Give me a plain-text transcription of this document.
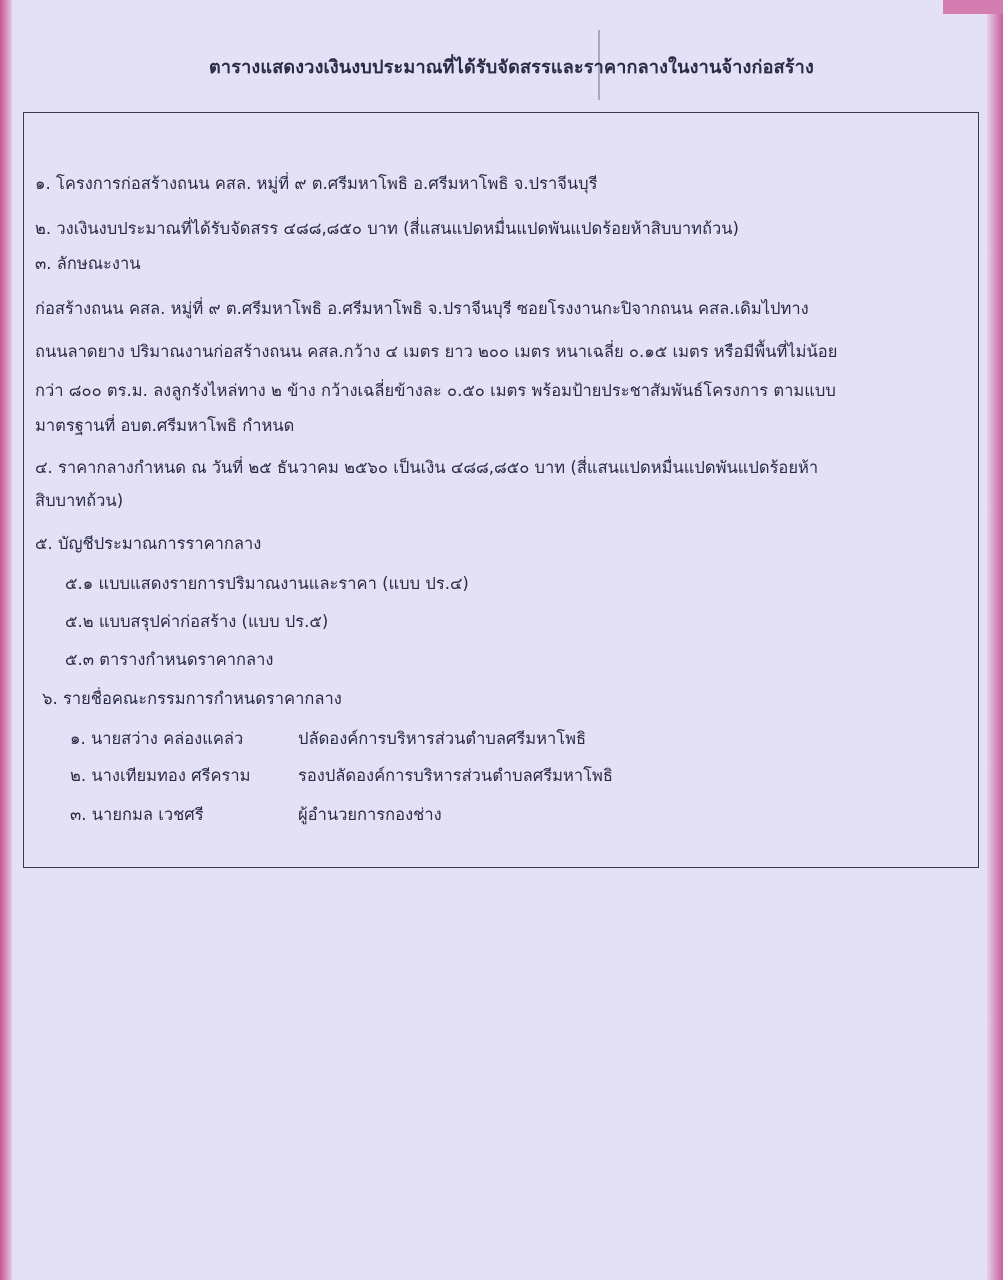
ตารางแสดงวงเงินงบประมาณที่ได้รับจัดสรรและราคากลางในงานจ้างก่อสร้าง
๑. โครงการก่อสร้างถนน คสล. หมู่ที่ ๙ ต.ศรีมหาโพธิ อ.ศรีมหาโพธิ จ.ปราจีนบุรี
๒. วงเงินงบประมาณที่ได้รับจัดสรร ๔๘๘,๘๕๐ บาท (สี่แสนแปดหมื่นแปดพันแปดร้อยห้าสิบบาทถ้วน)
๓. ลักษณะงาน
ก่อสร้างถนน คสล. หมู่ที่ ๙ ต.ศรีมหาโพธิ อ.ศรีมหาโพธิ จ.ปราจีนบุรี ซอยโรงงานกะปิจากถนน คสล.เดิมไปทาง
ถนนลาดยาง ปริมาณงานก่อสร้างถนน คสล.กว้าง ๔ เมตร ยาว ๒๐๐ เมตร หนาเฉลี่ย ๐.๑๕ เมตร หรือมีพื้นที่ไม่น้อย
กว่า ๘๐๐ ตร.ม. ลงลูกรังไหล่ทาง ๒ ข้าง กว้างเฉลี่ยข้างละ ๐.๕๐ เมตร พร้อมป้ายประชาสัมพันธ์โครงการ ตามแบบ
มาตรฐานที่ อบต.ศรีมหาโพธิ กำหนด
๔. ราคากลางกำหนด ณ วันที่ ๒๕ ธันวาคม ๒๕๖๐ เป็นเงิน ๔๘๘,๘๕๐ บาท (สี่แสนแปดหมื่นแปดพันแปดร้อยห้า
สิบบาทถ้วน)
๕. บัญชีประมาณการราคากลาง
๕.๑ แบบแสดงรายการปริมาณงานและราคา (แบบ ปร.๔)
๕.๒ แบบสรุปค่าก่อสร้าง (แบบ ปร.๕)
๕.๓ ตารางกำหนดราคากลาง
๖. รายชื่อคณะกรรมการกำหนดราคากลาง
๑. นายสว่าง คล่องแคล่ว	ปลัดองค์การบริหารส่วนตำบลศรีมหาโพธิ
๒. นางเทียมทอง ศรีคราม	รองปลัดองค์การบริหารส่วนตำบลศรีมหาโพธิ
๓. นายกมล เวชศรี	ผู้อำนวยการกองช่าง
